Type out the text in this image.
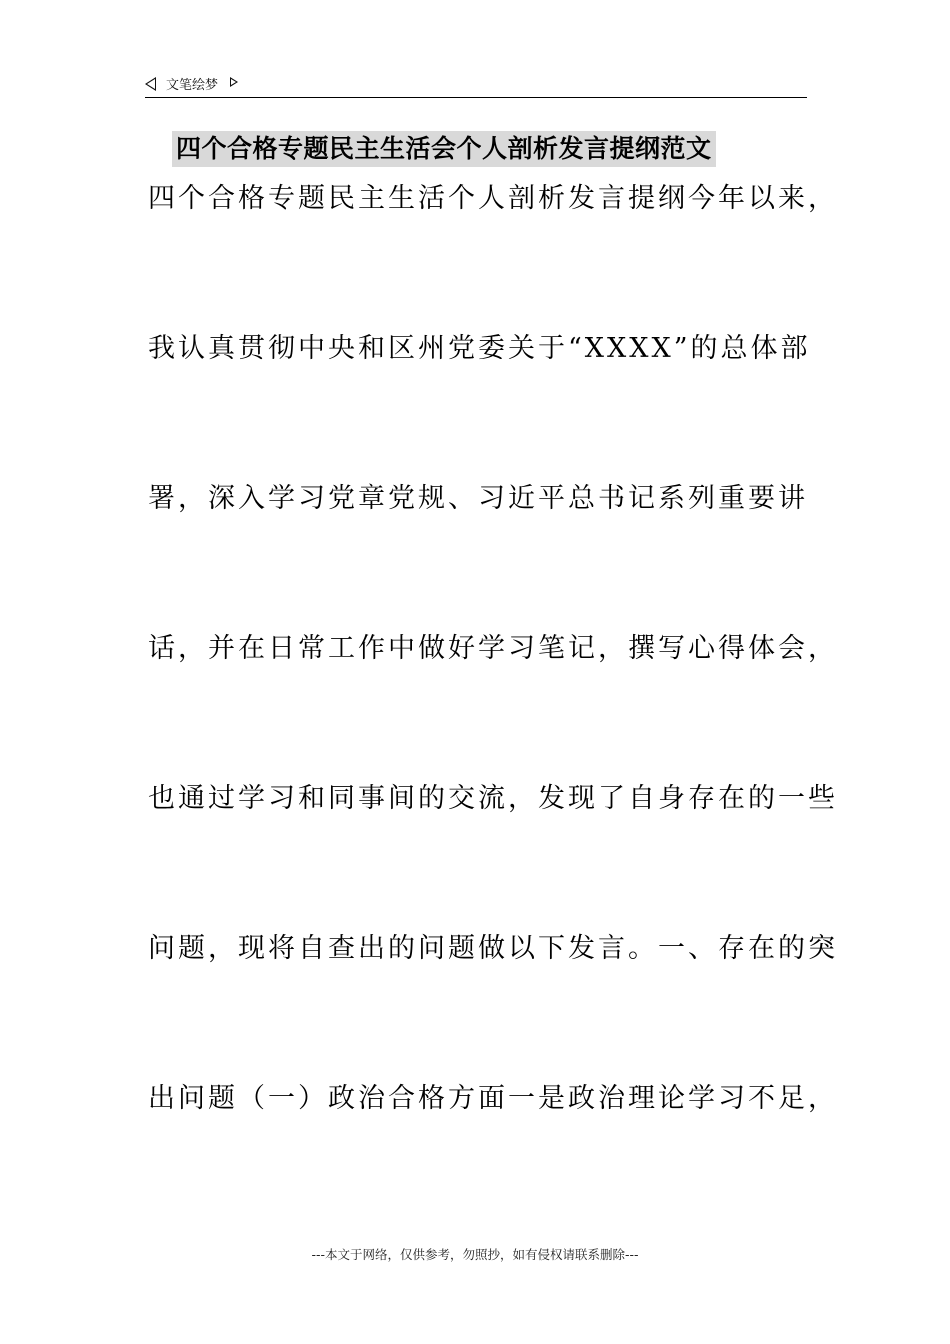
文笔绘梦
四个合格专题民主生活会个人剖析发言提纲范文
四个合格专题民主生活个人剖析发言提纲今年以来，
我认真贯彻中央和区州党委关于“XXXX”的总体部
署，深入学习党章党规、习近平总书记系列重要讲
话，并在日常工作中做好学习笔记，撰写心得体会，
也通过学习和同事间的交流，发现了自身存在的一些
问题，现将自查出的问题做以下发言。一、存在的突
出问题（一）政治合格方面一是政治理论学习不足，
---本文于网络，仅供参考，勿照抄，如有侵权请联系删除---
